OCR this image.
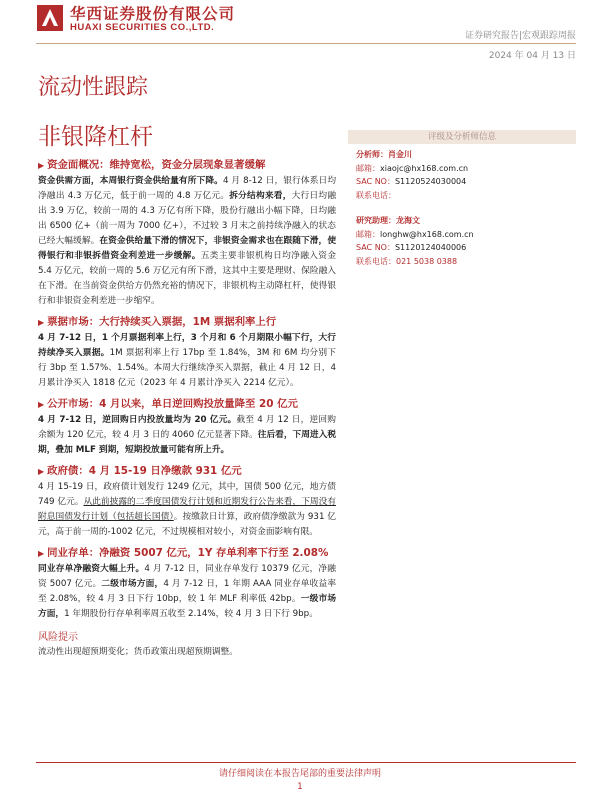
华西证券股份有限公司
HUAXI SECURITIES CO.,LTD.
证券研究报告|宏观跟踪周报
2024 年 04 月 13 日
流动性跟踪
非银降杠杆	评级及分析师信息

分析师：肖金川

邮箱：xiaojc@hx168.com.cn

SAC NO：S1120524030004

联系电话：

研究助理：龙海文

邮箱：longhw@hx168.com.cn

SAC NO：S1120124040006

联系电话：021 5038 0388

▶ 资金面概况：维持宽松，资金分层现象显著缓解

资金供需方面，本周银行资金供给量有所下降。4 月 8-12 日，银行体系日均净融出 4.3 万亿元，低于前一周的 4.8 万亿元。拆分结构来看，大行日均融出 3.9 万亿，较前一周的 4.3 万亿有所下降，股份行融出小幅下降，日均融出 6500 亿+（前一周为 7000 亿+），不过较 3 月末之前持续净融入的状态已经大幅缓解。在资金供给量下滑的情况下，非银资金需求也在跟随下滑，使得银行和非银拆借资金利差进一步缓解。五类主要非银机构日均净融入资金 5.4 万亿元，较前一周的 5.6 万亿元有所下滑，这其中主要是理财、保险融入在下滑。在当前资金供给方仍然充裕的情况下，非银机构主动降杠杆，使得银行和非银资金利差进一步缩窄。

▶ 票据市场：大行持续买入票据，1M 票据利率上行

4 月 7-12 日，1 个月票据利率上行，3 个月和 6 个月期限小幅下行，大行持续净买入票据。1M 票据利率上行 17bp 至 1.84%，3M 和 6M 均分别下行 3bp 至 1.57%、1.54%。本周大行继续净买入票据，截止 4 月 12 日，4 月累计净买入 1818 亿元（2023 年 4 月累计净买入 2214 亿元）。

▶ 公开市场：4 月以来，单日逆回购投放量降至 20 亿元

4 月 7-12 日，逆回购日内投放量均为 20 亿元。截至 4 月 12 日，逆回购余额为 120 亿元，较 4 月 3 日的 4060 亿元显著下降。往后看，下周进入税期，叠加 MLF 到期，短期投放量可能有所上升。

▶ 政府债：4 月 15-19 日净缴款 931 亿元

4 月 15-19 日，政府债计划发行 1249 亿元，其中，国债 500 亿元，地方债 749 亿元。从此前披露的二季度国债发行计划和近期发行公告来看，下周没有附息国债发行计划（包括超长国债）。按缴款日计算，政府债净缴款为 931 亿元，高于前一周的-1002 亿元，不过规模相对较小，对资金面影响有限。

▶ 同业存单：净融资 5007 亿元，1Y 存单利率下行至 2.08%

同业存单净融资大幅上升。4 月 7-12 日，同业存单发行 10379 亿元，净融资 5007 亿元。二级市场方面，4 月 7-12 日，1 年期 AAA 同业存单收益率至 2.08%，较 4 月 3 日下行 10bp，较 1 年 MLF 利率低 42bp。一级市场方面，1 年期股份行存单利率周五收至 2.14%，较 4 月 3 日下行 9bp。

风险提示

流动性出现超预期变化；货币政策出现超预期调整。

请仔细阅读在本报告尾部的重要法律声明
1
